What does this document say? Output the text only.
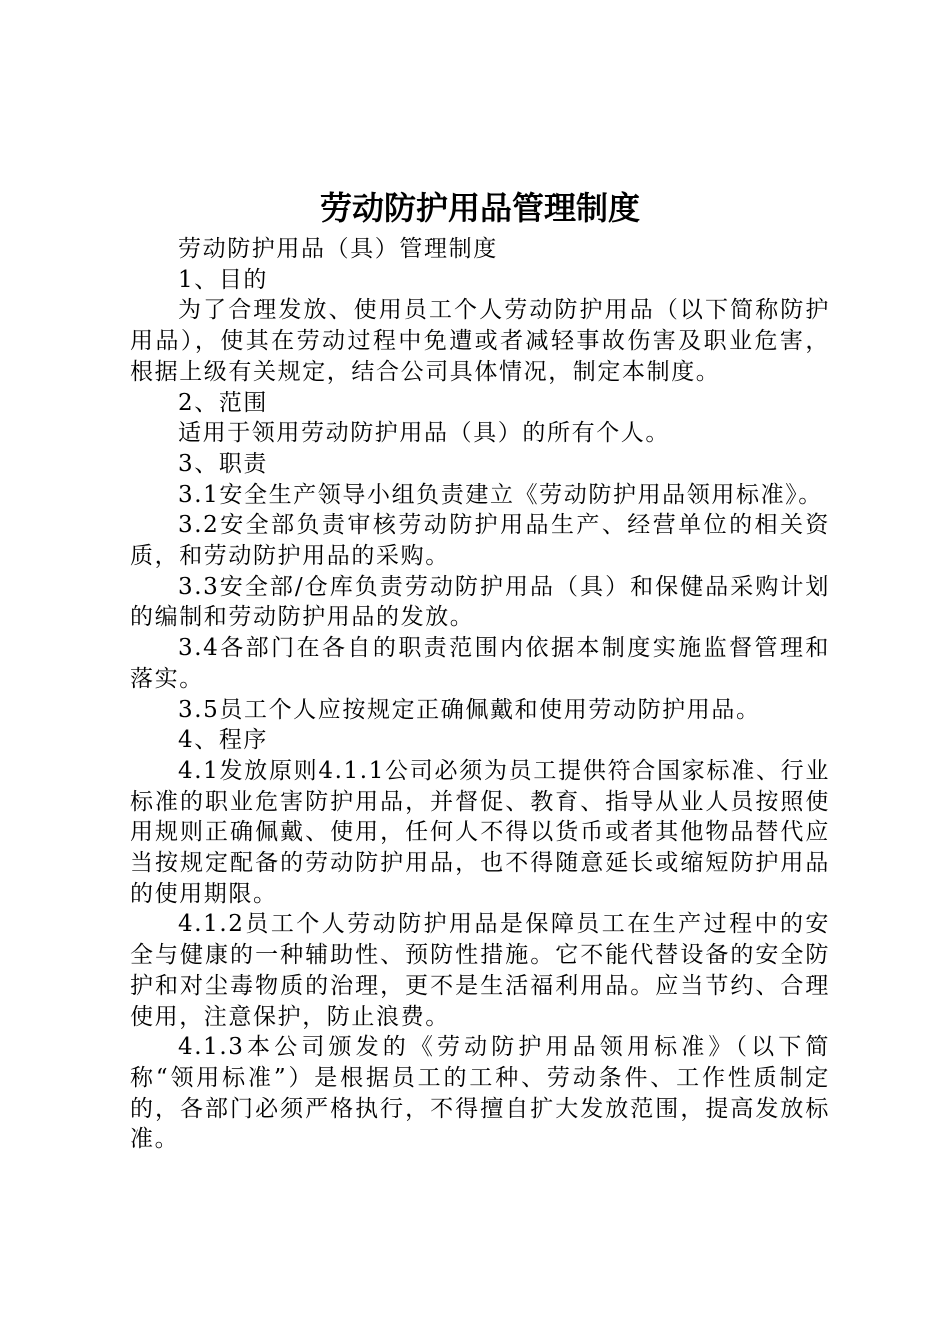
劳动防护用品管理制度

劳动防护用品（具）管理制度

1、目的

为了合理发放、使用员工个人劳动防护用品（以下简称防护用品），使其在劳动过程中免遭或者减轻事故伤害及职业危害，根据上级有关规定，结合公司具体情况，制定本制度。

2、范围

适用于领用劳动防护用品（具）的所有个人。

3、职责

3.1安全生产领导小组负责建立《劳动防护用品领用标准》。

3.2安全部负责审核劳动防护用品生产、经营单位的相关资质，和劳动防护用品的采购。

3.3安全部/仓库负责劳动防护用品（具）和保健品采购计划的编制和劳动防护用品的发放。

3.4各部门在各自的职责范围内依据本制度实施监督管理和落实。

3.5员工个人应按规定正确佩戴和使用劳动防护用品。

4、程序

4.1发放原则4.1.1公司必须为员工提供符合国家标准、行业标准的职业危害防护用品，并督促、教育、指导从业人员按照使用规则正确佩戴、使用，任何人不得以货币或者其他物品替代应当按规定配备的劳动防护用品，也不得随意延长或缩短防护用品的使用期限。

4.1.2员工个人劳动防护用品是保障员工在生产过程中的安全与健康的一种辅助性、预防性措施。它不能代替设备的安全防护和对尘毒物质的治理，更不是生活福利用品。应当节约、合理使用，注意保护，防止浪费。

4.1.3本公司颁发的《劳动防护用品领用标准》（以下简称“领用标准”）是根据员工的工种、劳动条件、工作性质制定的，各部门必须严格执行，不得擅自扩大发放范围，提高发放标准。
